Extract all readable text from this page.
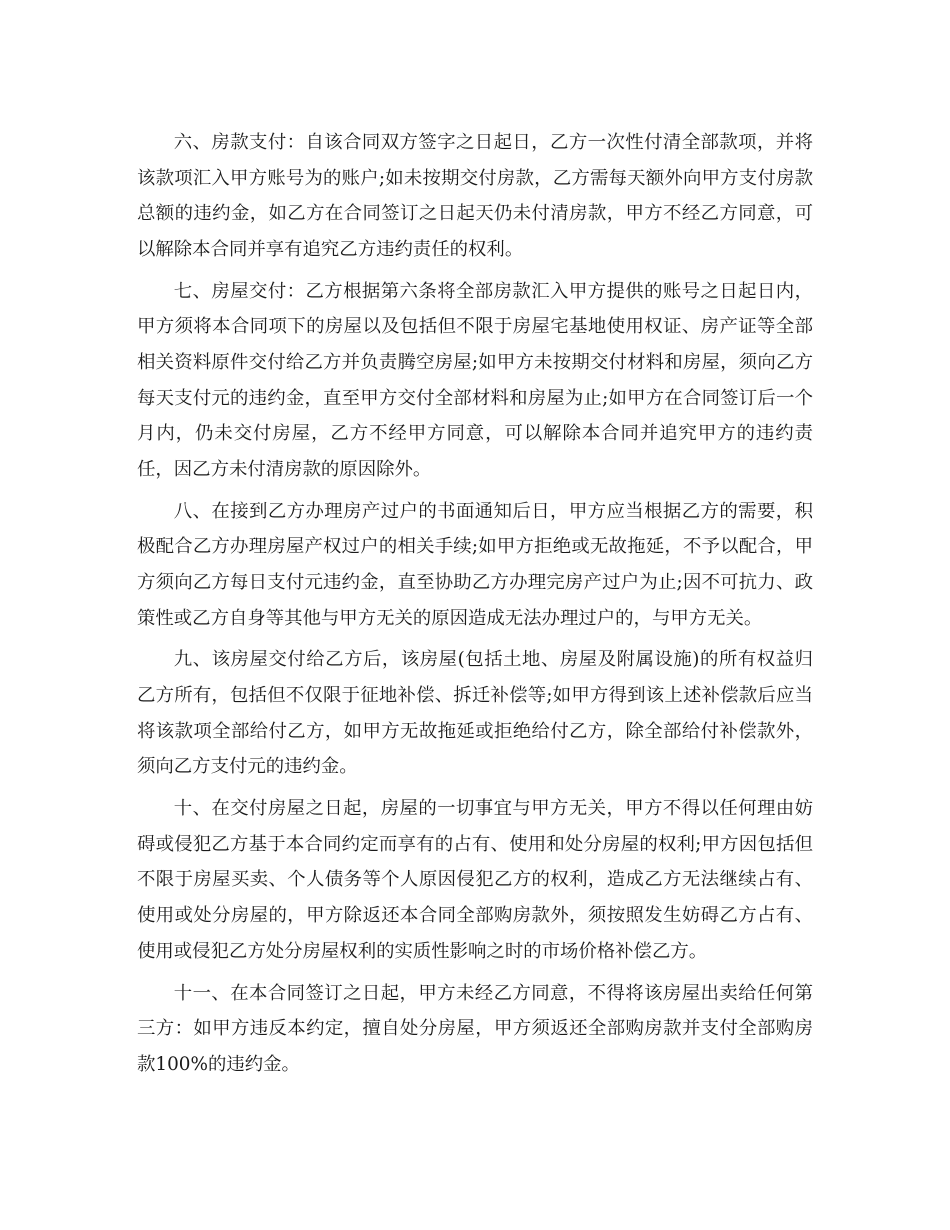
六、房款支付：自该合同双方签字之日起日，乙方一次性付清全部款项，并将该款项汇入甲方账号为的账户;如未按期交付房款，乙方需每天额外向甲方支付房款总额的违约金，如乙方在合同签订之日起天仍未付清房款，甲方不经乙方同意，可以解除本合同并享有追究乙方违约责任的权利。

七、房屋交付：乙方根据第六条将全部房款汇入甲方提供的账号之日起日内，甲方须将本合同项下的房屋以及包括但不限于房屋宅基地使用权证、房产证等全部相关资料原件交付给乙方并负责腾空房屋;如甲方未按期交付材料和房屋，须向乙方每天支付元的违约金，直至甲方交付全部材料和房屋为止;如甲方在合同签订后一个月内，仍未交付房屋，乙方不经甲方同意，可以解除本合同并追究甲方的违约责任，因乙方未付清房款的原因除外。

八、在接到乙方办理房产过户的书面通知后日，甲方应当根据乙方的需要，积极配合乙方办理房屋产权过户的相关手续;如甲方拒绝或无故拖延，不予以配合，甲方须向乙方每日支付元违约金，直至协助乙方办理完房产过户为止;因不可抗力、政策性或乙方自身等其他与甲方无关的原因造成无法办理过户的，与甲方无关。

九、该房屋交付给乙方后，该房屋(包括土地、房屋及附属设施)的所有权益归乙方所有，包括但不仅限于征地补偿、拆迁补偿等;如甲方得到该上述补偿款后应当将该款项全部给付乙方，如甲方无故拖延或拒绝给付乙方，除全部给付补偿款外，须向乙方支付元的违约金。

十、在交付房屋之日起，房屋的一切事宜与甲方无关，甲方不得以任何理由妨碍或侵犯乙方基于本合同约定而享有的占有、使用和处分房屋的权利;甲方因包括但不限于房屋买卖、个人债务等个人原因侵犯乙方的权利，造成乙方无法继续占有、使用或处分房屋的，甲方除返还本合同全部购房款外，须按照发生妨碍乙方占有、使用或侵犯乙方处分房屋权利的实质性影响之时的市场价格补偿乙方。

十一、在本合同签订之日起，甲方未经乙方同意，不得将该房屋出卖给任何第三方：如甲方违反本约定，擅自处分房屋，甲方须返还全部购房款并支付全部购房款100%的违约金。
